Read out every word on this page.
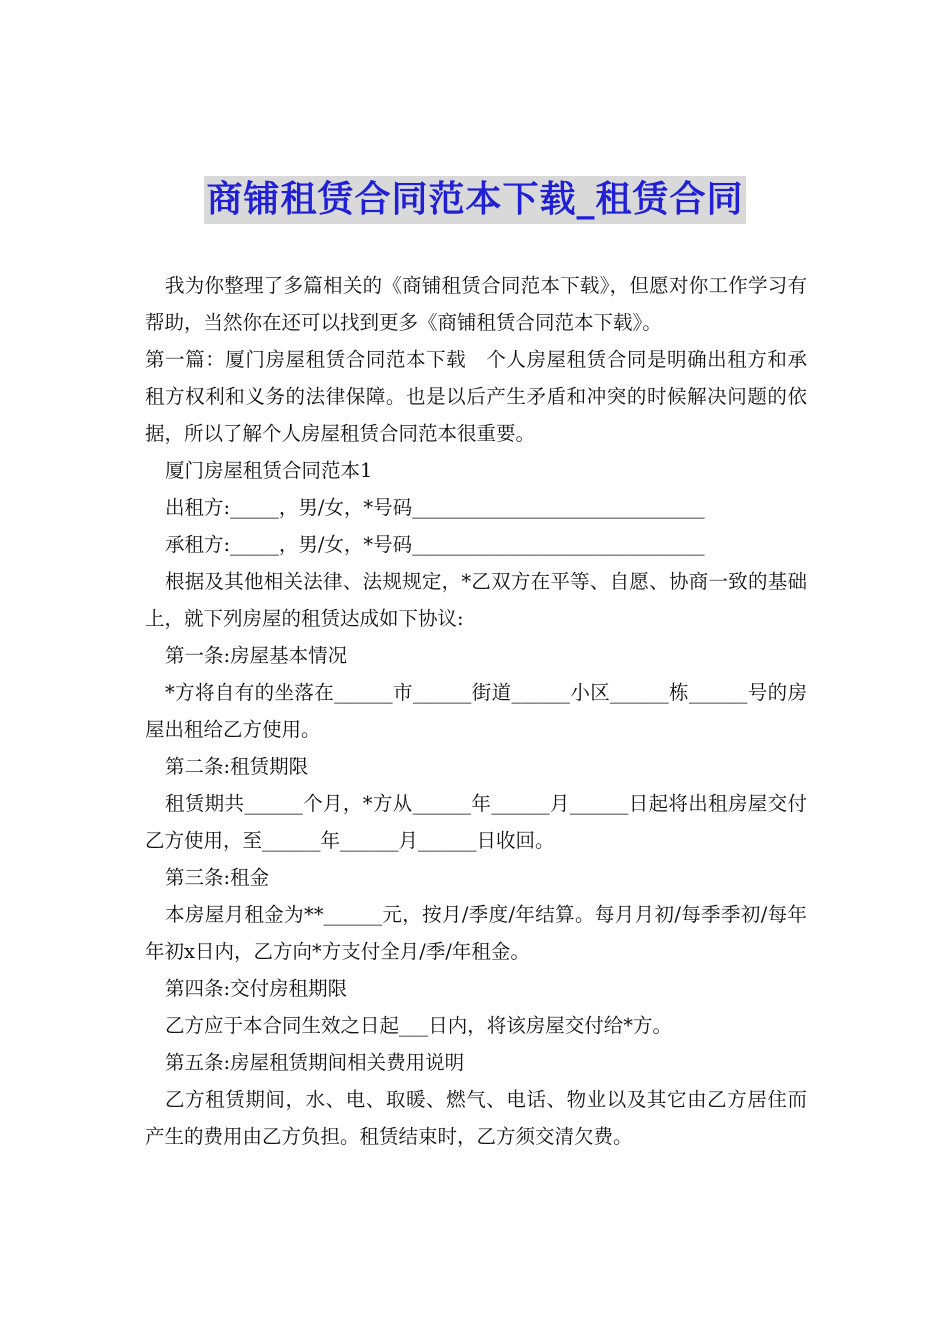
商铺租赁合同范本下载_租赁合同

我为你整理了多篇相关的《商铺租赁合同范本下载》，但愿对你工作学习有帮助，当然你在还可以找到更多《商铺租赁合同范本下载》。

第一篇：厦门房屋租赁合同范本下载　个人房屋租赁合同是明确出租方和承租方权利和义务的法律保障。也是以后产生矛盾和冲突的时候解决问题的依据，所以了解个人房屋租赁合同范本很重要。

厦门房屋租赁合同范本1

出租方:_____，男/女，*号码______________________________

承租方:_____，男/女，*号码______________________________

根据及其他相关法律、法规规定，*乙双方在平等、自愿、协商一致的基础上，就下列房屋的租赁达成如下协议:

第一条:房屋基本情况

*方将自有的坐落在______市______街道______小区______栋______号的房屋出租给乙方使用。

第二条:租赁期限

租赁期共______个月，*方从______年______月______日起将出租房屋交付乙方使用，至______年______月______日收回。

第三条:租金

本房屋月租金为**______元，按月/季度/年结算。每月月初/每季季初/每年年初x日内，乙方向*方支付全月/季/年租金。

第四条:交付房租期限

乙方应于本合同生效之日起___日内，将该房屋交付给*方。

第五条:房屋租赁期间相关费用说明

乙方租赁期间，水、电、取暖、燃气、电话、物业以及其它由乙方居住而产生的费用由乙方负担。租赁结束时，乙方须交清欠费。
